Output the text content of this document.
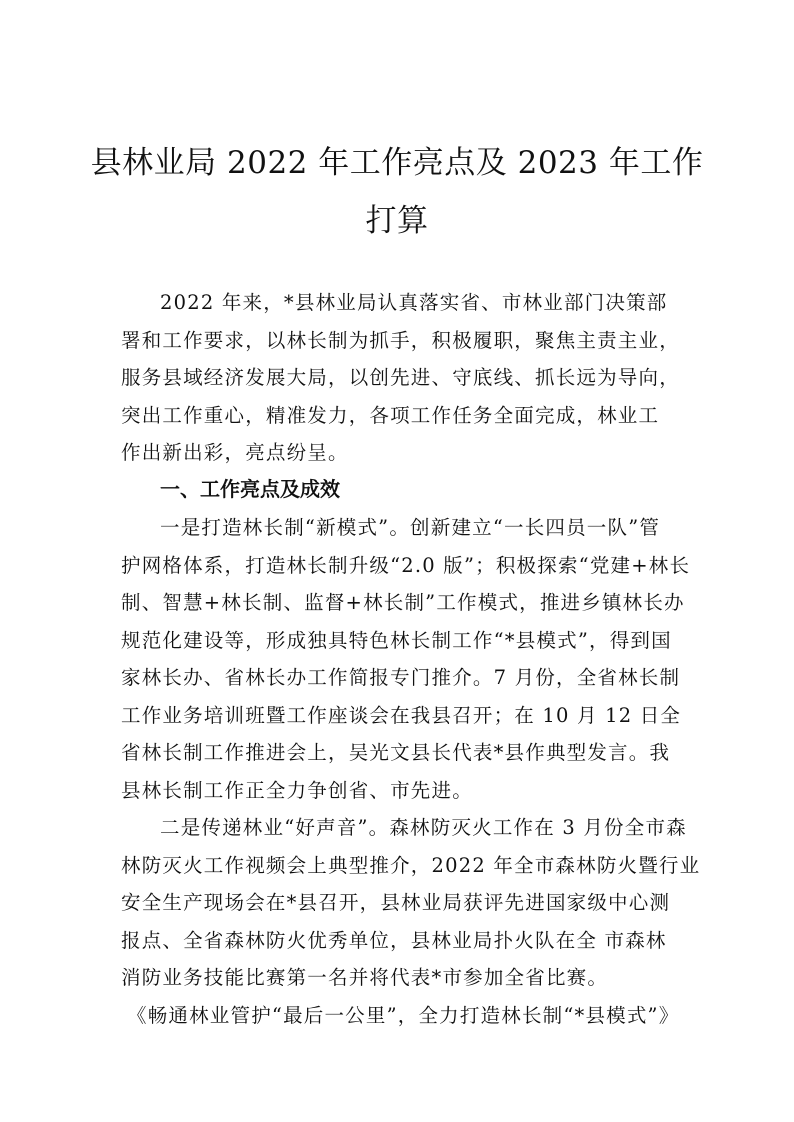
县林业局 2022 年工作亮点及 2023 年工作
打算
2022 年来，*县林业局认真落实省、市林业部门决策部
署和工作要求，以林长制为抓手，积极履职，聚焦主责主业，
服务县域经济发展大局，以创先进、守底线、抓长远为导向，
突出工作重心，精准发力，各项工作任务全面完成，林业工
作出新出彩，亮点纷呈。
一、工作亮点及成效
一是打造林长制“新模式”。创新建立“一长四员一队”管
护网格体系，打造林长制升级“2.0 版”；积极探索“党建+林长
制、智慧+林长制、监督+林长制”工作模式，推进乡镇林长办
规范化建设等，形成独具特色林长制工作“*县模式”，得到国
家林长办、省林长办工作简报专门推介。7 月份，全省林长制
工作业务培训班暨工作座谈会在我县召开；在 10 月 12 日全
省林长制工作推进会上，吴光文县长代表*县作典型发言。我
县林长制工作正全力争创省、市先进。
二是传递林业“好声音”。森林防灭火工作在 3 月份全市森
林防灭火工作视频会上典型推介，2022 年全市森林防火暨行业
安全生产现场会在*县召开，县林业局获评先进国家级中心测
报点、全省森林防火优秀单位，县林业局扑火队在全 市森林
消防业务技能比赛第一名并将代表*市参加全省比赛。
《畅通林业管护“最后一公里”，全力打造林长制“*县模式”》
